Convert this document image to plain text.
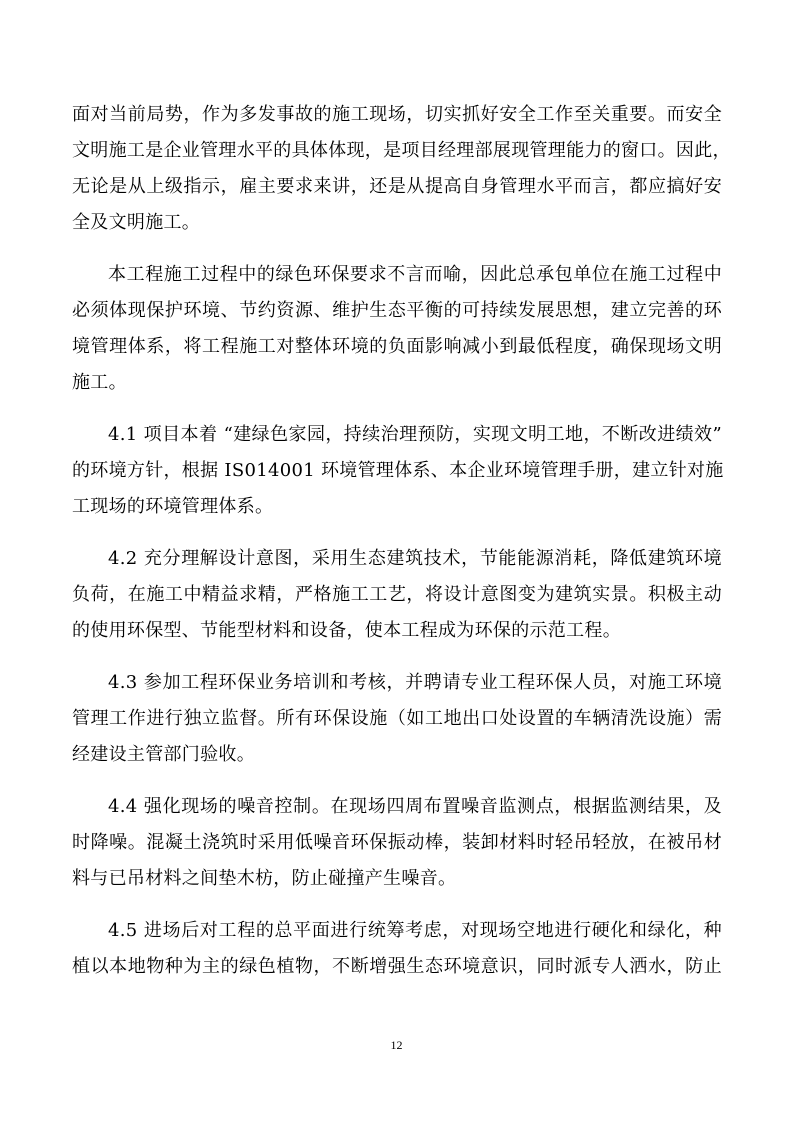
面对当前局势，作为多发事故的施工现场，切实抓好安全工作至关重要。而安全
文明施工是企业管理水平的具体体现，是项目经理部展现管理能力的窗口。因此，
无论是从上级指示，雇主要求来讲，还是从提高自身管理水平而言，都应搞好安
全及文明施工。
本工程施工过程中的绿色环保要求不言而喻，因此总承包单位在施工过程中
必须体现保护环境、节约资源、维护生态平衡的可持续发展思想，建立完善的环
境管理体系，将工程施工对整体环境的负面影响减小到最低程度，确保现场文明
施工。
4.1 项目本着 “建绿色家园，持续治理预防，实现文明工地，不断改进绩效”
的环境方针，根据 IS014001 环境管理体系、本企业环境管理手册，建立针对施
工现场的环境管理体系。
4.2 充分理解设计意图，采用生态建筑技术，节能能源消耗，降低建筑环境
负荷，在施工中精益求精，严格施工工艺，将设计意图变为建筑实景。积极主动
的使用环保型、节能型材料和设备，使本工程成为环保的示范工程。
4.3 参加工程环保业务培训和考核，并聘请专业工程环保人员，对施工环境
管理工作进行独立监督。所有环保设施（如工地出口处设置的车辆清洗设施）需
经建设主管部门验收。
4.4 强化现场的噪音控制。在现场四周布置噪音监测点，根据监测结果，及
时降噪。混凝土浇筑时采用低噪音环保振动棒，装卸材料时轻吊轻放，在被吊材
料与已吊材料之间垫木枋，防止碰撞产生噪音。
4.5 进场后对工程的总平面进行统筹考虑，对现场空地进行硬化和绿化，种
植以本地物种为主的绿色植物，不断增强生态环境意识，同时派专人洒水，防止
12
